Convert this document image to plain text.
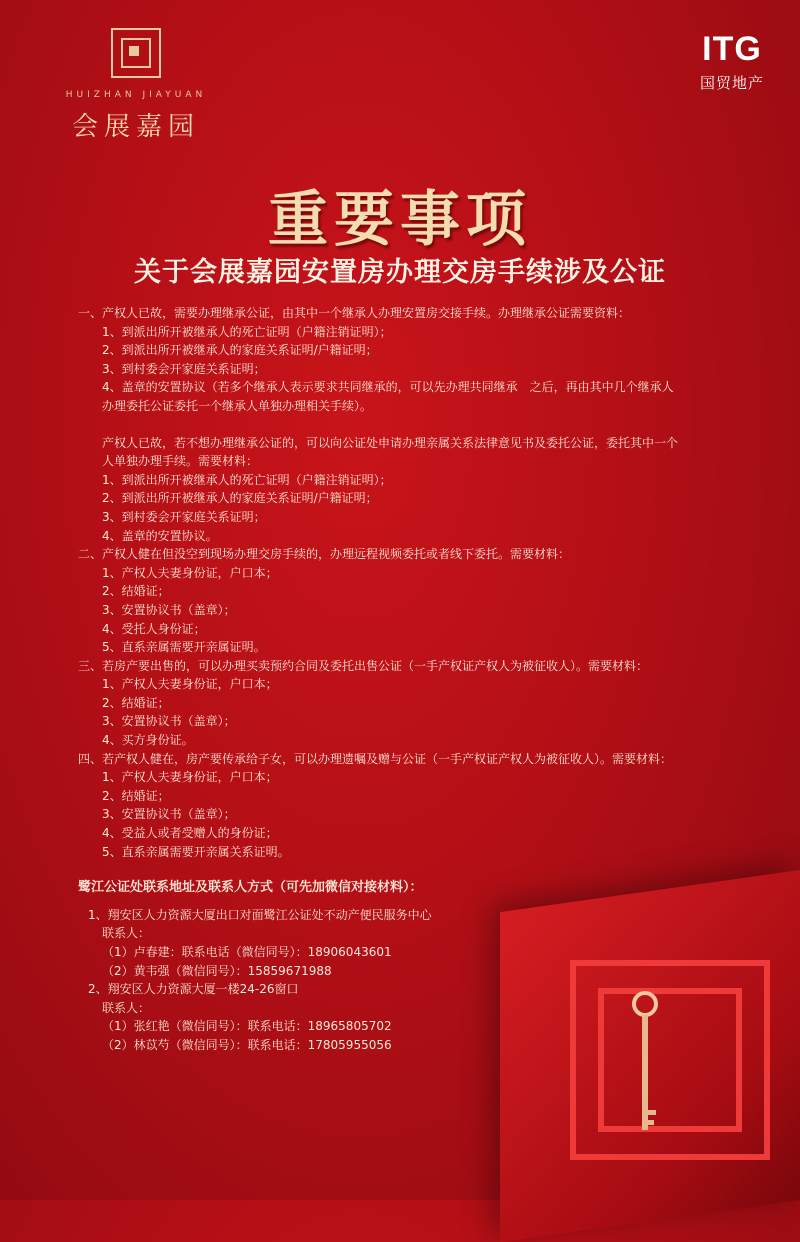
HUIZHAN JIAYUAN
会展嘉园
ITG
国贸地产
重要事项
关于会展嘉园安置房办理交房手续涉及公证

一、产权人已故，需要办理继承公证，由其中一个继承人办理安置房交接手续。办理继承公证需要资料：

1、到派出所开被继承人的死亡证明（户籍注销证明）；

2、到派出所开被继承人的家庭关系证明/户籍证明；

3、到村委会开家庭关系证明；

4、盖章的安置协议（若多个继承人表示要求共同继承的，可以先办理共同继承　之后，再由其中几个继承人办理委托公证委托一个继承人单独办理相关手续）。

产权人已故，若不想办理继承公证的，可以向公证处申请办理亲属关系法律意见书及委托公证，委托其中一个人单独办理手续。需要材料：

1、到派出所开被继承人的死亡证明（户籍注销证明）；

2、到派出所开被继承人的家庭关系证明/户籍证明；

3、到村委会开家庭关系证明；

4、盖章的安置协议。

二、产权人健在但没空到现场办理交房手续的，办理远程视频委托或者线下委托。需要材料：

1、产权人夫妻身份证，户口本；

2、结婚证；

3、安置协议书（盖章）；

4、受托人身份证；

5、直系亲属需要开亲属证明。

三、若房产要出售的，可以办理买卖预约合同及委托出售公证（一手产权证产权人为被征收人）。需要材料：

1、产权人夫妻身份证，户口本；

2、结婚证；

3、安置协议书（盖章）；

4、买方身份证。

四、若产权人健在，房产要传承给子女，可以办理遗嘱及赠与公证（一手产权证产权人为被征收人）。需要材料：

1、产权人夫妻身份证，户口本；

2、结婚证；

3、安置协议书（盖章）；

4、受益人或者受赠人的身份证；

5、直系亲属需要开亲属关系证明。

鹭江公证处联系地址及联系人方式（可先加微信对接材料）：

1、翔安区人力资源大厦出口对面鹭江公证处不动产便民服务中心

联系人：

（1）卢春建：联系电话（微信同号）：18906043601

（2）黄韦强（微信同号）：15859671988

2、翔安区人力资源大厦一楼24-26窗口

联系人：

（1）张红艳（微信同号）：联系电话：18965805702

（2）林苡芍（微信同号）：联系电话：17805955056
